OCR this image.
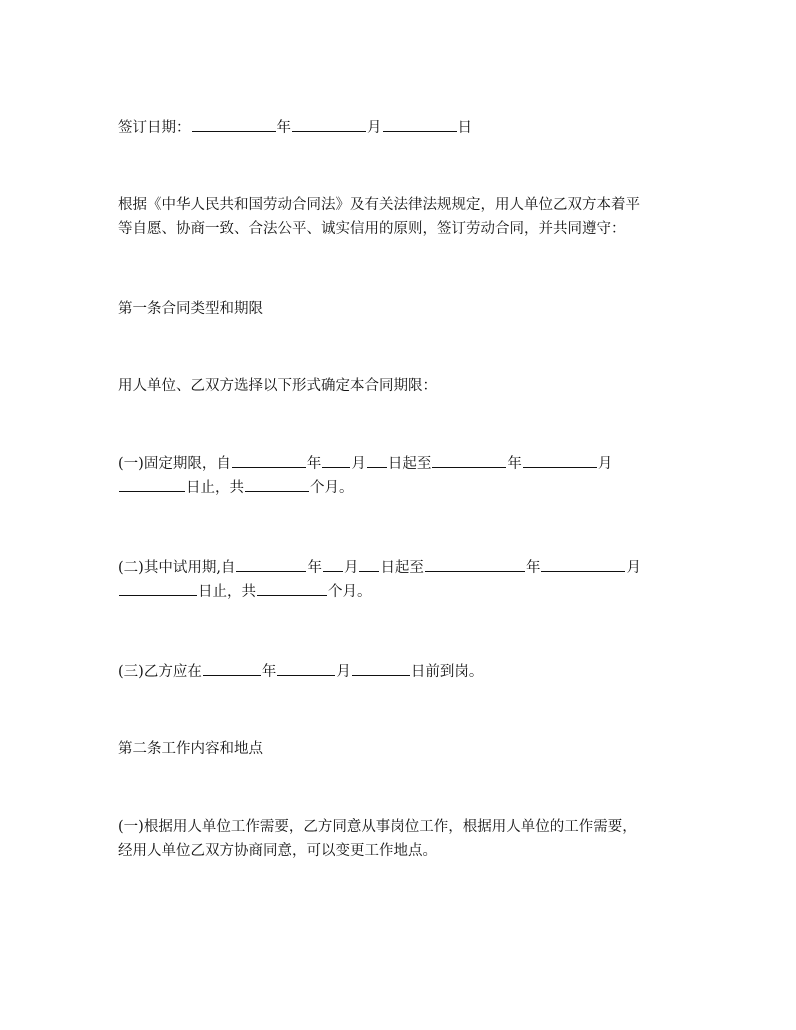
签订日期：	年	月	日
根据《中华人民共和国劳动合同法》及有关法律法规规定，用人单位乙双方本着平
等自愿、协商一致、合法公平、诚实信用的原则，签订劳动合同，并共同遵守：
第一条合同类型和期限
用人单位、乙双方选择以下形式确定本合同期限：
(一)固定期限，自	年 月 日起至	年	月
日止，共	个月。
(二)其中试用期,自	年 月 日起至	年	月
日止，共	个月。
(三)乙方应在	年	月	日前到岗。
第二条工作内容和地点
(一)根据用人单位工作需要，乙方同意从事岗位工作，根据用人单位的工作需要，
经用人单位乙双方协商同意，可以变更工作地点。
